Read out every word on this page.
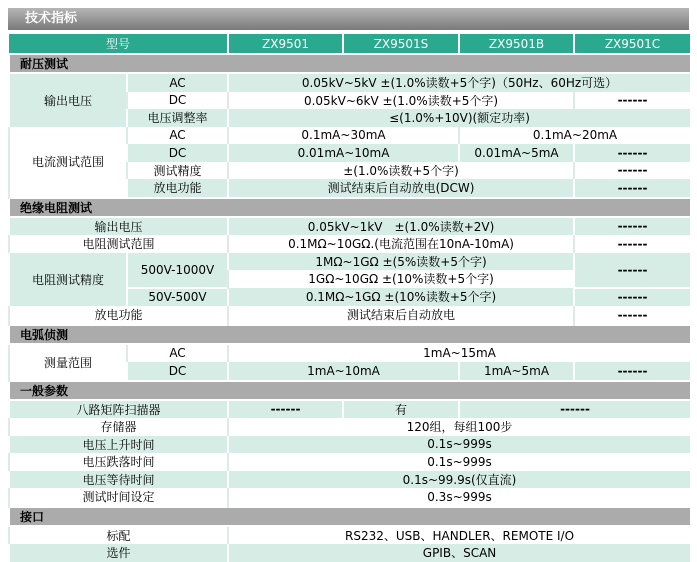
技术指标
型号		ZX9501	ZX9501S	ZX9501B	ZX9501C
耐压测试					
输出电压	AC	0.05kV~5kV ±(1.0%读数+5个字)（50Hz、60Hz可选）			
	DC	0.05kV~6kV ±(1.0%读数+5个字)			------
	电压调整率	≤(1.0%+10V)(额定功率)			
电流测试范围	AC	0.1mA~30mA		0.1mA~20mA	
	DC	0.01mA~10mA		0.01mA~5mA	------
	测试精度	±(1.0%读数+5个字)			------
	放电功能	测试结束后自动放电(DCW)			------
绝缘电阻测试					
输出电压		0.05kV~1kV　±(1.0%读数+2V)			------
电阻测试范围		0.1MΩ~10GΩ.(电流范围在10nA-10mA)			------
电阻测试精度	500V-1000V	1MΩ~1GΩ ±(5%读数+5个字)			------
		1GΩ~10GΩ ±(10%读数+5个字)			
	50V-500V	0.1MΩ~1GΩ ±(10%读数+5个字)			------
放电功能		测试结束后自动放电			------
电弧侦测					
测量范围	AC	1mA~15mA			
	DC	1mA~10mA		1mA~5mA	------
一般参数					
八路矩阵扫描器		------	有	------	
存储器		120组，每组100步			
电压上升时间		0.1s~999s			
电压跌落时间		0.1s~999s			
电压等待时间		0.1s~99.9s(仅直流)			
测试时间设定		0.3s~999s			
接口					
标配		RS232、USB、HANDLER、REMOTE I/O			
选件		GPIB、SCAN			
